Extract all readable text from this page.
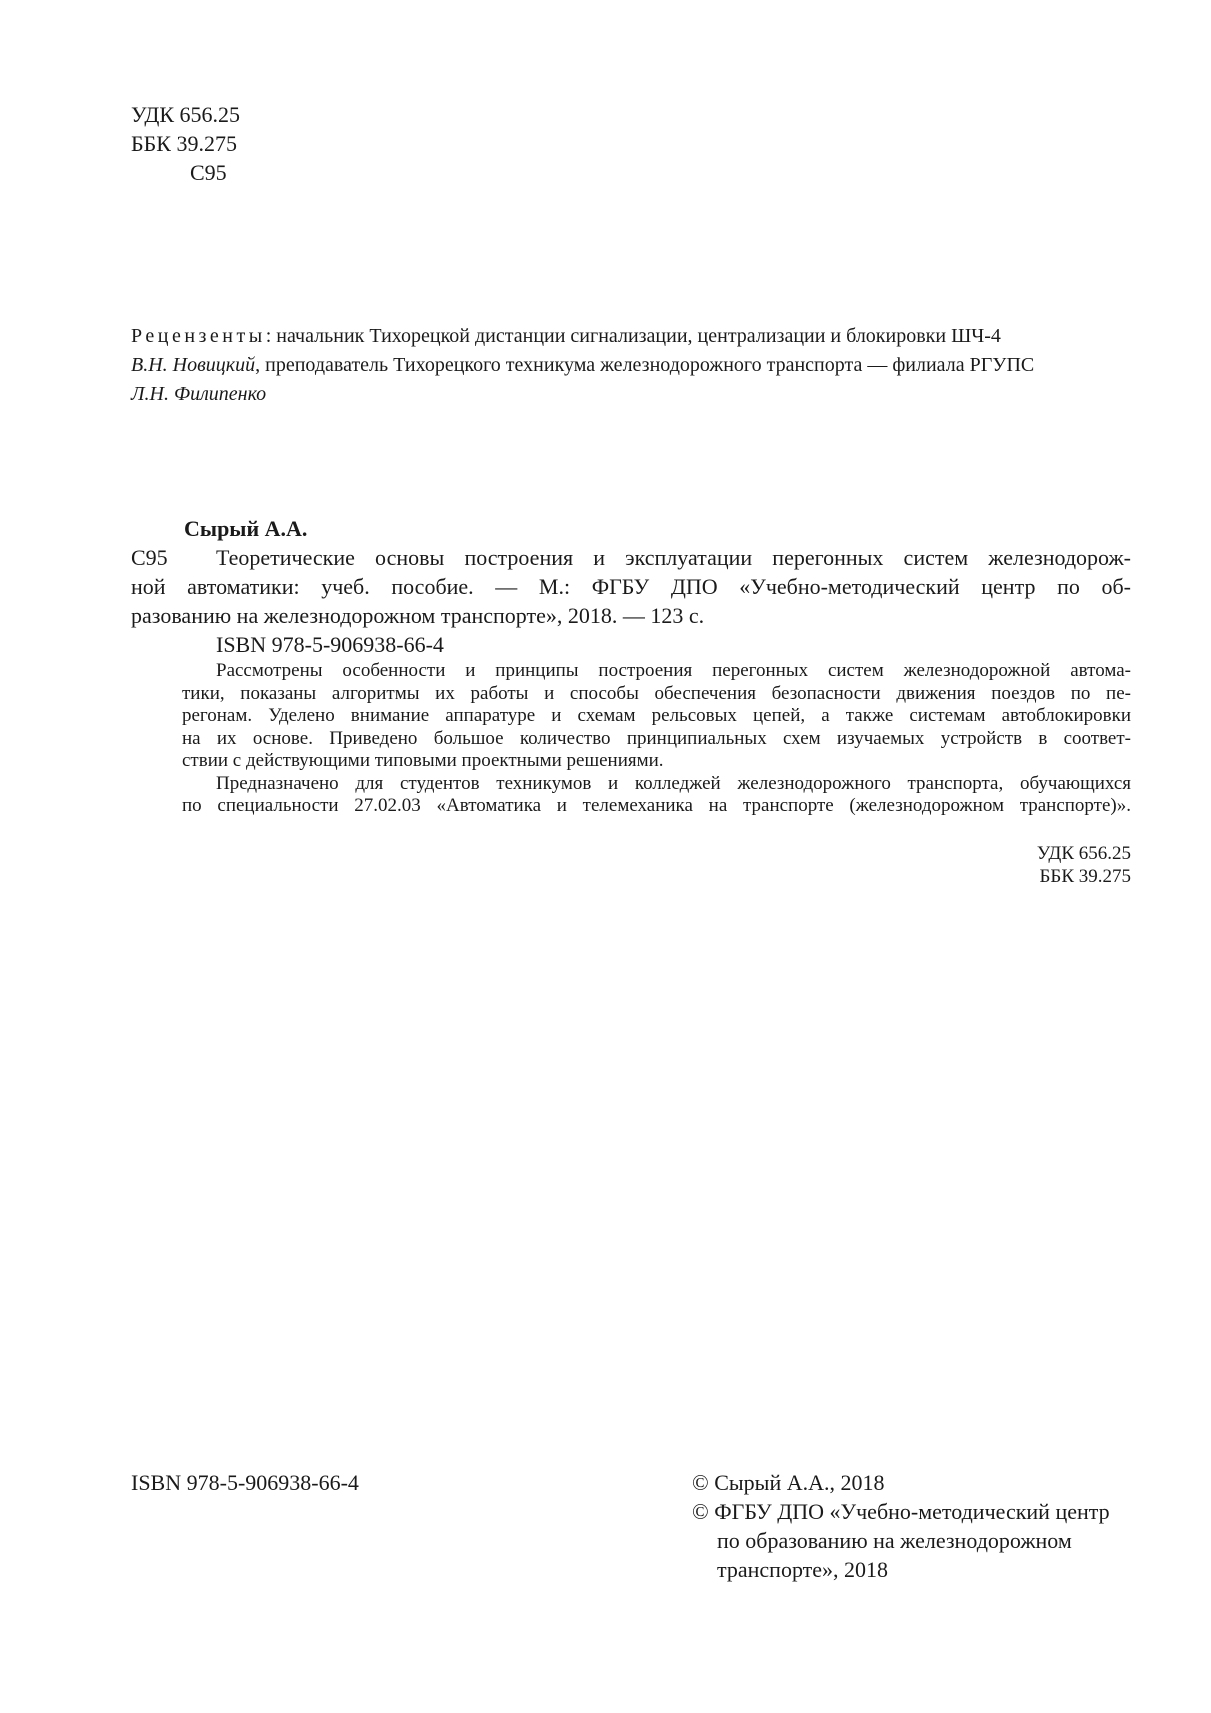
УДК 656.25
ББК 39.275
С95
Рецензенты: начальник Тихорецкой дистанции сигнализации, централизации и блокировки ШЧ-4
В.Н. Новицкий, преподаватель Тихорецкого техникума железнодорожного транспорта — филиала РГУПС
Л.Н. Филипенко
Сырый А.А.
С95 Теоретические основы построения и эксплуатации перегонных систем железнодорож-
ной автоматики: учеб. пособие. — М.: ФГБУ ДПО «Учебно-методический центр по об-
разованию на железнодорожном транспорте», 2018. — 123 с.
ISBN 978-5-906938-66-4
Рассмотрены особенности и принципы построения перегонных систем железнодорожной автома-
тики, показаны алгоритмы их работы и способы обеспечения безопасности движения поездов по пе-
регонам. Уделено внимание аппаратуре и схемам рельсовых цепей, а также системам автоблокировки
на их основе. Приведено большое количество принципиальных схем изучаемых устройств в соответ-
ствии с действующими типовыми проектными решениями.
Предназначено для студентов техникумов и колледжей железнодорожного транспорта, обучающихся
по специальности 27.02.03 «Автоматика и телемеханика на транспорте (железнодорожном транспорте)».
УДК 656.25
ББК 39.275
ISBN 978-5-906938-66-4	© Сырый А.А., 2018
© ФГБУ ДПО «Учебно-методический центр
по образованию на железнодорожном
транспорте», 2018
